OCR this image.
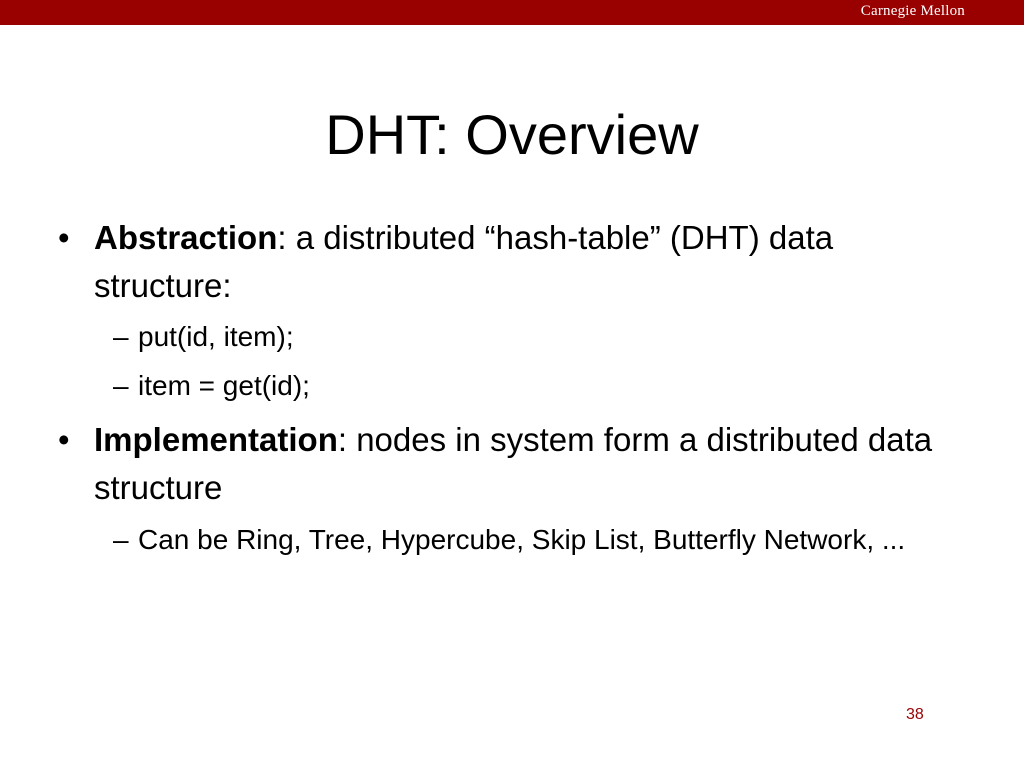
Carnegie Mellon
DHT: Overview
• Abstraction: a distributed “hash-table” (DHT) data structure:
– put(id, item);
– item = get(id);
• Implementation: nodes in system form a distributed data structure
– Can be Ring, Tree, Hypercube, Skip List, Butterfly Network, ...
38
